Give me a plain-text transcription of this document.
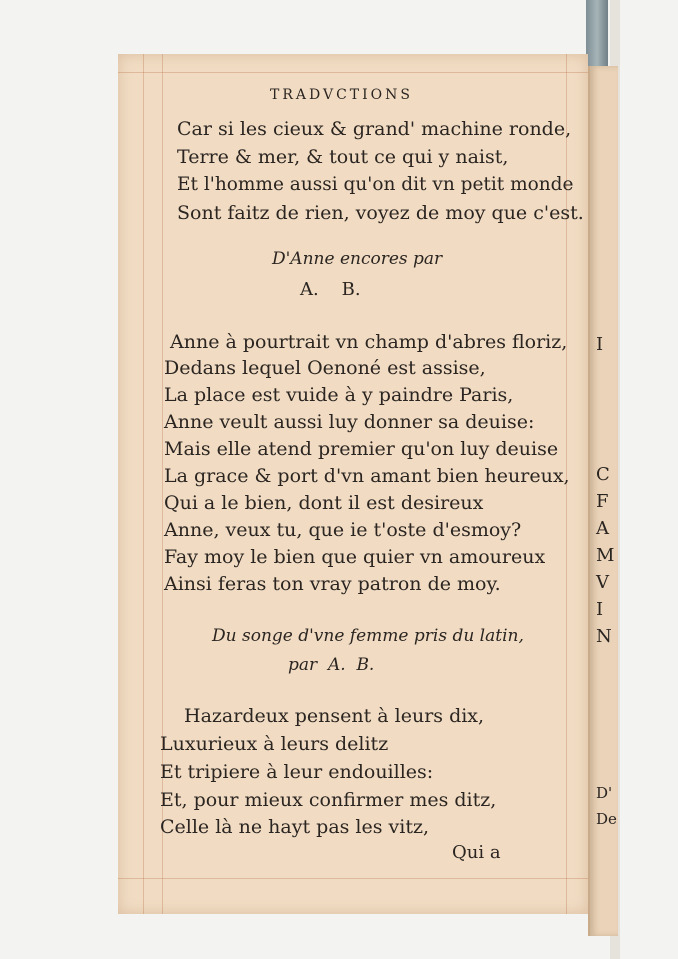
I
C
F
A
M
V
I
N
D'
De
TRADVCTIONS
Car si les cieux & grand' machine ronde,
Terre & mer, & tout ce qui y naist,
Et l'homme aussi qu'on dit vn petit monde
Sont faitz de rien, voyez de moy que c'est.
D'Anne encores par
A.    B.
Anne à pourtrait vn champ d'abres floriz,
Dedans lequel Oenoné est assise,
La place est vuide à y paindre Paris,
Anne veult aussi luy donner sa deuise:
Mais elle atend premier qu'on luy deuise
La grace & port d'vn amant bien heureux,
Qui a le bien, dont il est desireux
Anne, veux tu, que ie t'oste d'esmoy?
Fay moy le bien que quier vn amoureux
Ainsi feras ton vray patron de moy.
Du songe d'vne femme pris du latin,
par  A.  B.
Hazardeux pensent à leurs dix,
Luxurieux à leurs delitz
Et tripiere à leur endouilles:
Et, pour mieux confirmer mes ditz,
Celle là ne hayt pas les vitz,
Qui a
